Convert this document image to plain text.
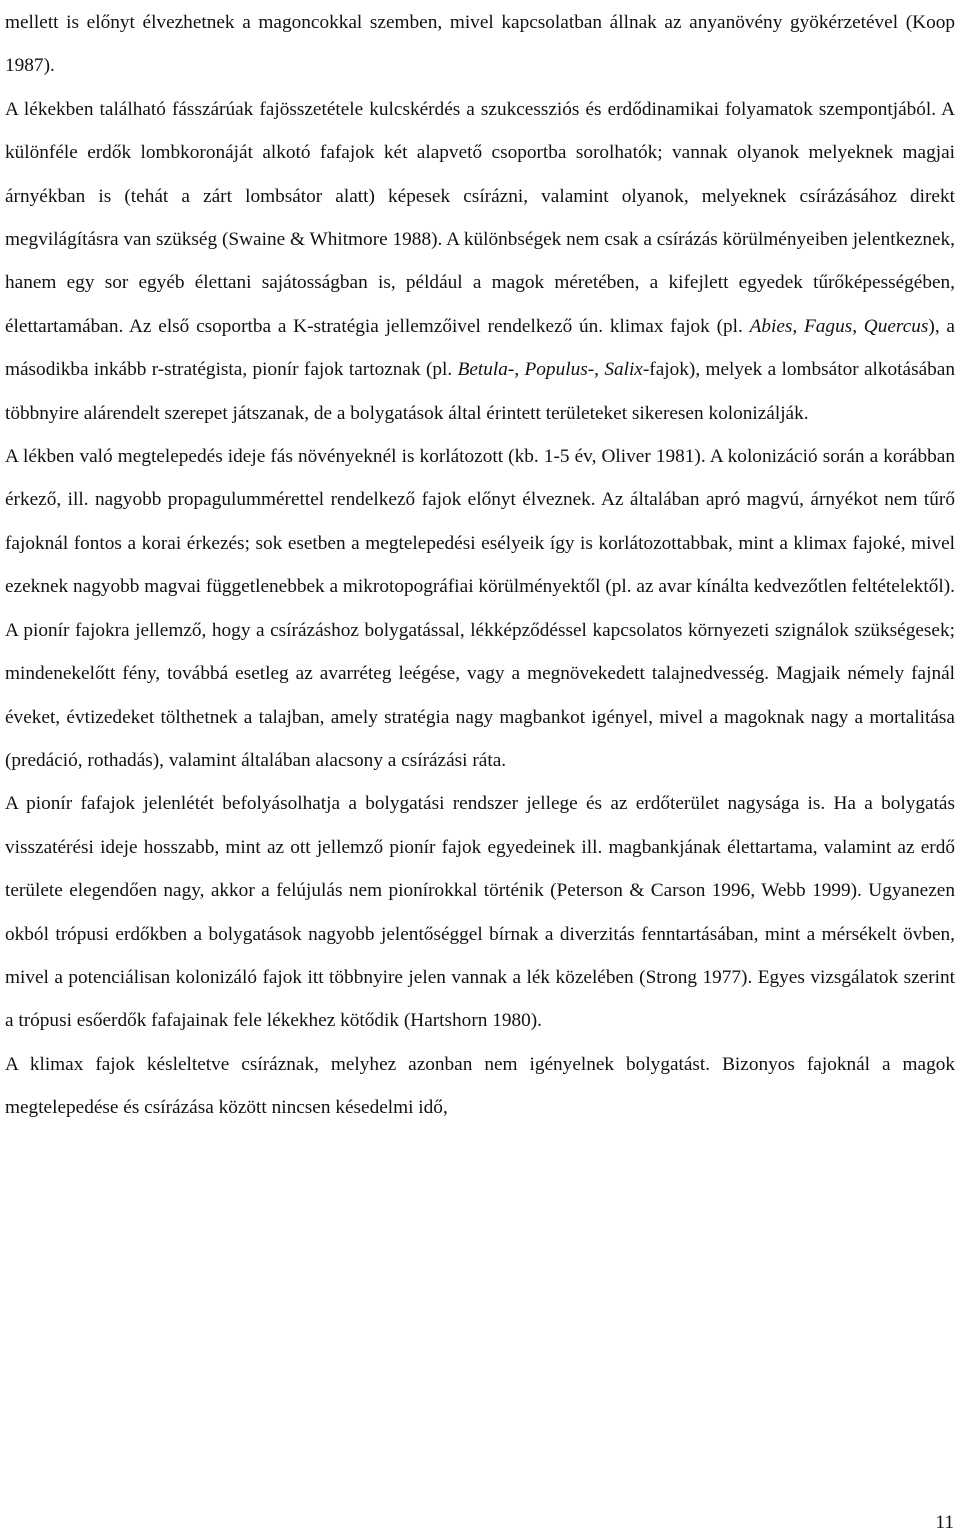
mellett is előnyt élvezhetnek a magoncokkal szemben, mivel kapcsolatban állnak az anyanövény gyökérzetével (Koop 1987).

A lékekben található fásszárúak fajösszetétele kulcskérdés a szukcessziós és erdődinamikai folyamatok szempontjából. A különféle erdők lombkoronáját alkotó fafajok két alapvető csoportba sorolhatók; vannak olyanok melyeknek magjai árnyékban is (tehát a zárt lombsátor alatt) képesek csírázni, valamint olyanok, melyeknek csírázásához direkt megvilágításra van szükség (Swaine & Whitmore 1988). A különbségek nem csak a csírázás körülményeiben jelentkeznek, hanem egy sor egyéb élettani sajátosságban is, például a magok méretében, a kifejlett egyedek tűrőképességében, élettartamában. Az első csoportba a K-stratégia jellemzőivel rendelkező ún. klimax fajok (pl. Abies, Fagus, Quercus), a másodikba inkább r-stratégista, pionír fajok tartoznak (pl. Betula-, Populus-, Salix-fajok), melyek a lombsátor alkotásában többnyire alárendelt szerepet játszanak, de a bolygatások által érintett területeket sikeresen kolonizálják.

A lékben való megtelepedés ideje fás növényeknél is korlátozott (kb. 1-5 év, Oliver 1981). A kolonizáció során a korábban érkező, ill. nagyobb propagulummérettel rendelkező fajok előnyt élveznek. Az általában apró magvú, árnyékot nem tűrő fajoknál fontos a korai érkezés; sok esetben a megtelepedési esélyeik így is korlátozottabbak, mint a klimax fajoké, mivel ezeknek nagyobb magvai függetlenebbek a mikrotopográfiai körülményektől (pl. az avar kínálta kedvezőtlen feltételektől). A pionír fajokra jellemző, hogy a csírázáshoz bolygatással, lékképződéssel kapcsolatos környezeti szignálok szükségesek; mindenekelőtt fény, továbbá esetleg az avarréteg leégése, vagy a megnövekedett talajnedvesség. Magjaik némely fajnál éveket, évtizedeket tölthetnek a talajban, amely stratégia nagy magbankot igényel, mivel a magoknak nagy a mortalitása (predáció, rothadás), valamint általában alacsony a csírázási ráta.

A pionír fafajok jelenlétét befolyásolhatja a bolygatási rendszer jellege és az erdőterület nagysága is. Ha a bolygatás visszatérési ideje hosszabb, mint az ott jellemző pionír fajok egyedeinek ill. magbankjának élettartama, valamint az erdő területe elegendően nagy, akkor a felújulás nem pionírokkal történik (Peterson & Carson 1996, Webb 1999). Ugyanezen okból trópusi erdőkben a bolygatások nagyobb jelentőséggel bírnak a diverzitás fenntartásában, mint a mérsékelt övben, mivel a potenciálisan kolonizáló fajok itt többnyire jelen vannak a lék közelében (Strong 1977). Egyes vizsgálatok szerint a trópusi esőerdők fafajainak fele lékekhez kötődik (Hartshorn 1980).

A klimax fajok késleltetve csíráznak, melyhez azonban nem igényelnek bolygatást. Bizonyos fajoknál a magok megtelepedése és csírázása között nincsen késedelmi idő,

11
